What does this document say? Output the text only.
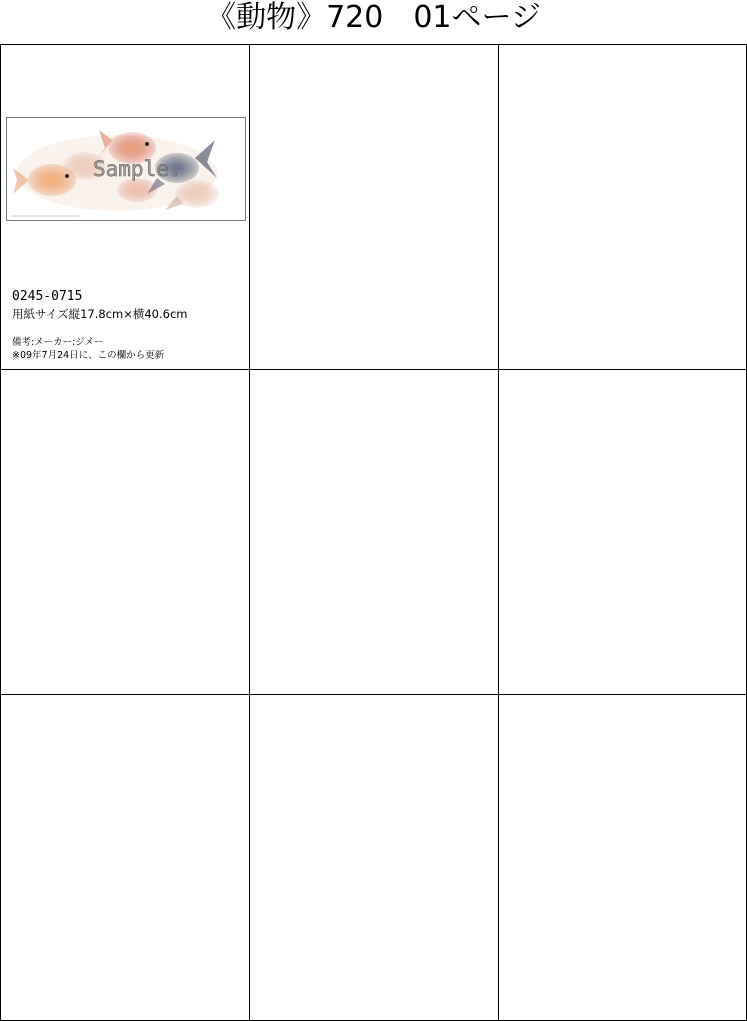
《動物》720　01ページ
Sample.
0245-0715
用紙サイズ縦17.8cm×横40.6cm
備考:メーカー:ジメー
※09年7月24日に、この欄から更新
